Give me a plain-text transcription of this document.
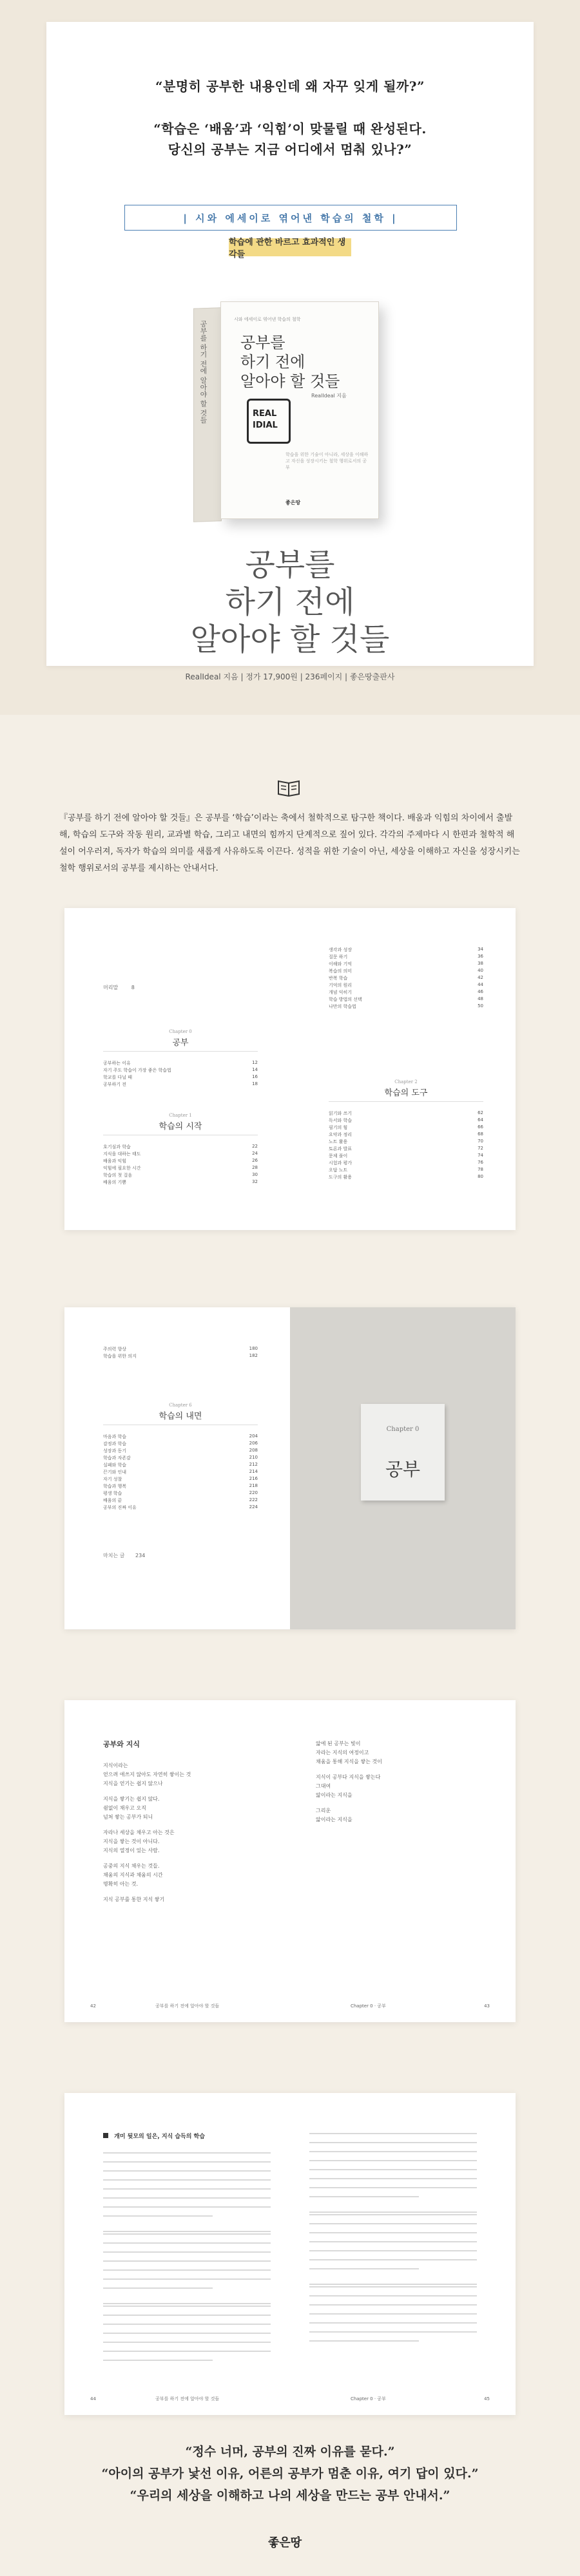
“분명히 공부한 내용인데 왜 자꾸 잊게 될까?”
“학습은 ‘배움’과 ‘익힘’이 맞물릴 때 완성된다.
당신의 공부는 지금 어디에서 멈춰 있나?”
| 시와 에세이로 엮어낸 학습의 철학 |
학습에 관한 바르고 효과적인 생각들
공부를 하기 전에 알아야 할 것들
시와 에세이로 엮어낸 학습의 철학
공부를
하기 전에
알아야 할 것들
RealIdeal 지음
REAL
IDIAL
학습을 위한 기술이 아니라, 세상을 이해하고 자신을 성장시키는 철학 행위로서의 공부
좋은땅
공부를
하기 전에
알아야 할 것들
RealIdeal 지음 | 정가 17,900원 | 236페이지 | 좋은땅출판사
『공부를 하기 전에 알아야 할 것들』은 공부를 ‘학습’이라는 축에서 철학적으로 탐구한 책이다. 배움과 익힘의 차이에서 출발해, 학습의 도구와 작동 원리, 교과별 학습, 그리고 내면의 힘까지 단계적으로 짚어 있다. 각각의 주제마다 시 한편과 철학적 해설이 어우러져, 독자가 학습의 의미를 새롭게 사유하도록 이끈다. 성적을 위한 기술이 아닌, 세상을 이해하고 자신을 성장시키는 철학 행위로서의 공부를 제시하는 안내서다.
머리말	8
Chapter 0
공부
공부하는 이유	12
자기 주도 학습이 가장 좋은 학습법	14
학교를 다닐 때	16
공부하기 전	18
Chapter 1
학습의 시작
호기심과 학습	22
지식을 대하는 태도	24
배움과 익힘	26
익힘에 필요한 시간	28
학습의 첫 걸음	30
배움의 기쁨	32
생각과 성장	34
질문 하기	36
이해와 기억	38
복습의 의미	40
반복 학습	42
기억의 원리	44
개념 익히기	46
학습 방법의 선택	48
나만의 학습법	50
Chapter 2
학습의 도구
읽기와 쓰기	62
독서와 학습	64
필기의 힘	66
요약과 정리	68
노트 활용	70
토론과 발표	72
문제 풀이	74
시험과 평가	76
오답 노트	78
도구의 활용	80
주의력 향상	180
학습을 위한 의지	182
Chapter 6
학습의 내면
마음과 학습	204
감정과 학습	206
성장과 동기	208
학습과 자존감	210
실패와 학습	212
끈기와 인내	214
자기 성찰	216
학습과 행복	218
평생 학습	220
배움의 끝	222
공부의 진짜 이유	224
마치는 글 234
Chapter 0
공부
공부와 지식
지식이라는
얻으려 애쓰지 않아도 자연히 쌓이는 것
지식을 얻기는 쉽지 않으나
지식을 쌓기는 쉽지 않다.
쉼없이 채우고 오직
넘쳐 쌓는 공부가 되니
자라나 세상을 채우고 아는 것은
지식을 쌓는 것이 아니다.
지식의 열정이 있는 사람.
공중의 지식 채우는 것들.
채움의 지식과 채움의 시간
명확히 아는 것.
지식 공부를 통한 지식 쌓기
42	공부를 하기 전에 알아야 할 것들
앎에 된 공부는 빛이
자라는 지식의 여정이고
채움을 통해 지식을 쌓는 것이
지식이 공부다 지식을 쌓는다
그대여
앎이라는 지식을
그리운
앎이라는 지식을
Chapter 0 · 공부	43
개미 뒷모의 일은, 지식 습득의 학습
44	공부를 하기 전에 알아야 할 것들	Chapter 0 · 공부	45
“정수 너머, 공부의 진짜 이유를 묻다.”
“아이의 공부가 낯선 이유, 어른의 공부가 멈춘 이유, 여기 답이 있다.”
“우리의 세상을 이해하고 나의 세상을 만드는 공부 안내서.”
좋은땅
